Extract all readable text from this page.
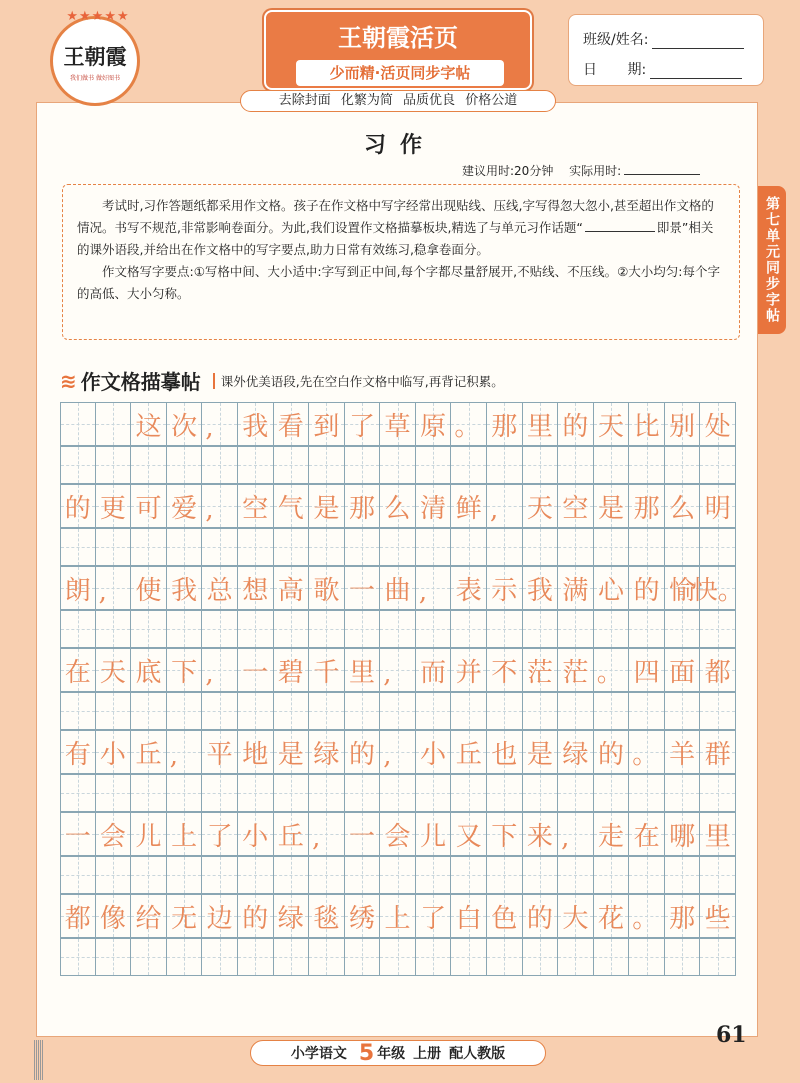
★★★★★
王朝霞
我们做书 做好图书
王朝霞活页
少而精·活页同步字帖
去除封面 化繁为简 品质优良 价格公道
班级/姓名:
日 期:
习作
建议用时:20分钟 实际用时:
第七单元同步字帖

考试时,习作答题纸都采用作文格。孩子在作文格中写字经常出现贴线、压线,字写得忽大忽小,甚至超出作文格的情况。书写不规范,非常影响卷面分。为此,我们设置作文格描摹板块,精选了与单元习作话题“	即景”相关的课外语段,并给出在作文格中的写字要点,助力日常有效练习,稳拿卷面分。

作文格写字要点:①写格中间、大小适中:字写到正中间,每个字都尽量舒展开,不贴线、不压线。②大小均匀:每个字的高低、大小匀称。

≋ 作文格描摹帖 课外优美语段,先在空白作文格中临写,再背记积累。
这 次 ,	我 看 到 了 草 原 。 那 里 的 天 比 别 处
的 更 可 爱 ,	空 气 是 那 么 清 鲜 ,	天 空 是 那 么 明
朗 ,	使 我 总 想 高 歌 一 曲 ,	表 示 我 满 心 的 愉
快。
在 天 底 下 ,	一 碧 千 里 ,	而 并 不 茫 茫 。 四 面 都
有 小 丘 ,	平 地 是 绿 的 ,	小 丘 也 是 绿 的 。 羊 群
一 会 儿 上 了 小 丘 ,	一 会 儿 又 下 来 ,	走 在 哪 里
都 像 给 无 边 的 绿 毯 绣 上 了 白 色 的 大 花 。 那 些
61
小学语文 5 年级 上册 配人教版
